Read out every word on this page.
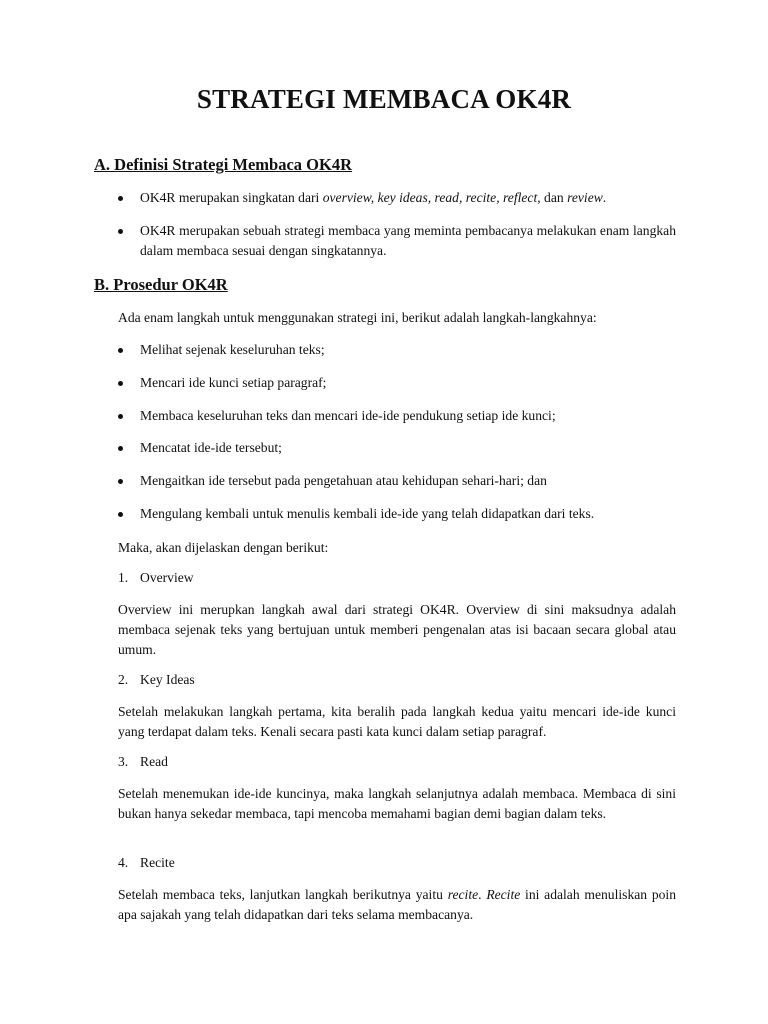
STRATEGI MEMBACA OK4R
A. Definisi Strategi Membaca OK4R
OK4R merupakan singkatan dari overview, key ideas, read, recite, reflect, dan review.
OK4R merupakan sebuah strategi membaca yang meminta pembacanya melakukan enam langkah dalam membaca sesuai dengan singkatannya.
B. Prosedur OK4R

Ada enam langkah untuk menggunakan strategi ini, berikut adalah langkah-langkahnya:

Melihat sejenak keseluruhan teks;
Mencari ide kunci setiap paragraf;
Membaca keseluruhan teks dan mencari ide-ide pendukung setiap ide kunci;
Mencatat ide-ide tersebut;
Mengaitkan ide tersebut pada pengetahuan atau kehidupan sehari-hari; dan
Mengulang kembali untuk menulis kembali ide-ide yang telah didapatkan dari teks.

Maka, akan dijelaskan dengan berikut:

1. Overview

Overview ini merupkan langkah awal dari strategi OK4R. Overview di sini maksudnya adalah membaca sejenak teks yang bertujuan untuk memberi pengenalan atas isi bacaan secara global atau umum.

2. Key Ideas

Setelah melakukan langkah pertama, kita beralih pada langkah kedua yaitu mencari ide-ide kunci yang terdapat dalam teks. Kenali secara pasti kata kunci dalam setiap paragraf.

3. Read

Setelah menemukan ide-ide kuncinya, maka langkah selanjutnya adalah membaca. Membaca di sini bukan hanya sekedar membaca, tapi mencoba memahami bagian demi bagian dalam teks.

4. Recite

Setelah membaca teks, lanjutkan langkah berikutnya yaitu recite. Recite ini adalah menuliskan poin apa sajakah yang telah didapatkan dari teks selama membacanya.
